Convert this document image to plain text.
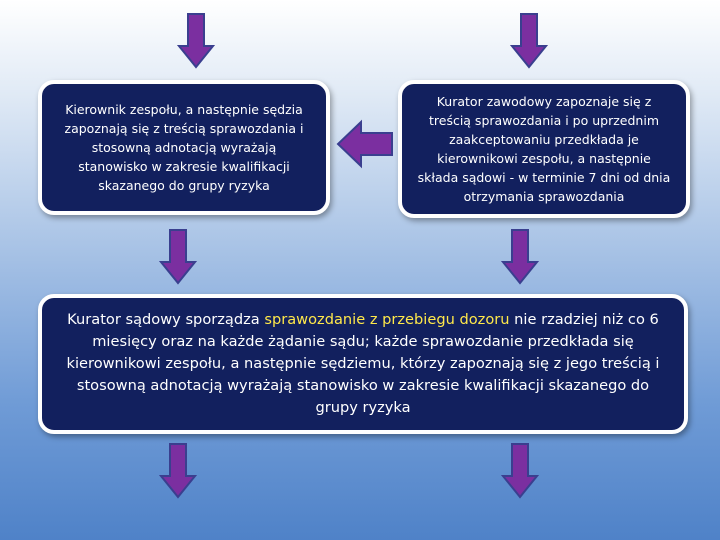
Kierownik zespołu, a następnie sędzia zapoznają się z treścią sprawozdania i stosowną adnotacją wyrażają stanowisko w zakresie kwalifikacji skazanego do grupy ryzyka
Kurator zawodowy zapoznaje się z treścią sprawozdania i po uprzednim zaakceptowaniu przedkłada je kierownikowi zespołu, a następnie składa sądowi - w terminie 7 dni od dnia otrzymania sprawozdania
Kurator sądowy sporządza sprawozdanie z przebiegu dozoru nie rzadziej niż co 6 miesięcy oraz na każde żądanie sądu; każde sprawozdanie przedkłada się kierownikowi zespołu, a następnie sędziemu, którzy zapoznają się z jego treścią i stosowną adnotacją wyrażają stanowisko w zakresie kwalifikacji skazanego do grupy ryzyka
